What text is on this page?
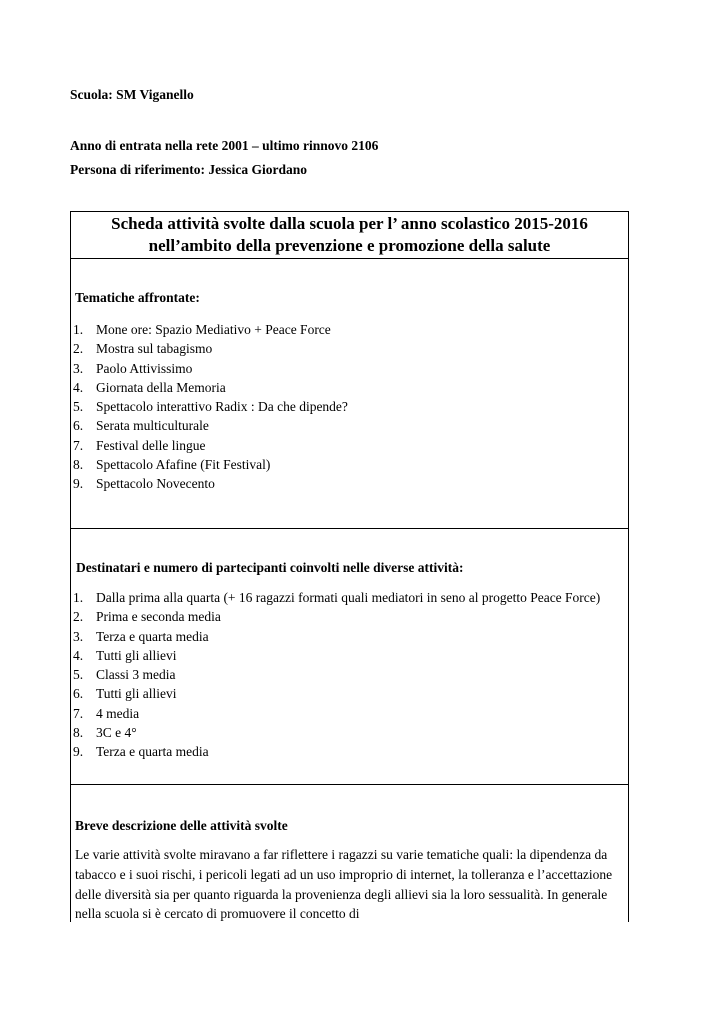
Scuola: SM Viganello
Anno di entrata nella rete 2001 – ultimo rinnovo 2106
Persona di riferimento: Jessica Giordano
Scheda attività svolte dalla scuola per l’ anno scolastico 2015-2016
nell’ambito della prevenzione e promozione della salute
Tematiche affrontate:
1. Mone ore: Spazio Mediativo + Peace Force
2. Mostra sul tabagismo
3. Paolo Attivissimo
4. Giornata della Memoria
5. Spettacolo interattivo Radix : Da che dipende?
6. Serata multiculturale
7. Festival delle lingue
8. Spettacolo Afafine (Fit Festival)
9. Spettacolo Novecento
Destinatari e numero di partecipanti coinvolti nelle diverse attività:
1. Dalla prima alla quarta (+ 16 ragazzi formati quali mediatori in seno al progetto Peace Force)
2. Prima e seconda media
3. Terza e quarta media
4. Tutti gli allievi
5. Classi 3 media
6. Tutti gli allievi
7. 4 media
8. 3C e 4°
9. Terza e quarta media
Breve descrizione delle attività svolte
Le varie attività svolte miravano a far riflettere i ragazzi su varie tematiche quali: la dipendenza da tabacco e i suoi rischi, i pericoli legati ad un uso improprio di internet, la tolleranza e l’accettazione delle diversità sia per quanto riguarda la provenienza degli allievi sia la loro sessualità. In generale nella scuola si è cercato di promuovere il concetto di
